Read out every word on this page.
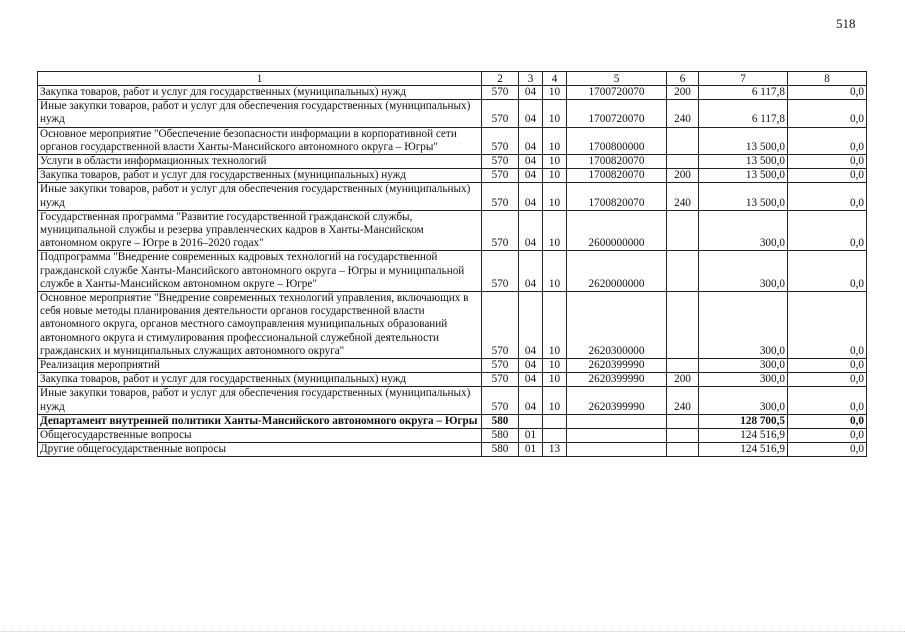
518
1	2	3	4	5	6	7	8
Закупка товаров, работ и услуг для государственных (муниципальных) нужд	570	04	10	1700720070	200	6 117,8	0,0
Иные закупки товаров, работ и услуг для обеспечения государственных (муниципальных) нужд	570	04	10	1700720070	240	6 117,8	0,0
Основное мероприятие "Обеспечение безопасности информации в корпоративной сети органов государственной власти Ханты-Мансийского автономного округа – Югры"	570	04	10	1700800000		13 500,0	0,0
Услуги в области информационных технологий	570	04	10	1700820070		13 500,0	0,0
Закупка товаров, работ и услуг для государственных (муниципальных) нужд	570	04	10	1700820070	200	13 500,0	0,0
Иные закупки товаров, работ и услуг для обеспечения государственных (муниципальных) нужд	570	04	10	1700820070	240	13 500,0	0,0
Государственная программа "Развитие государственной гражданской службы, муниципальной службы и резерва управленческих кадров в Ханты-Мансийском автономном округе – Югре в 2016–2020 годах"	570	04	10	2600000000		300,0	0,0
Подпрограмма "Внедрение современных кадровых технологий на государственной гражданской службе Ханты-Мансийского автономного округа – Югры и муниципальной службе в Ханты-Мансийском автономном округе – Югре"	570	04	10	2620000000		300,0	0,0
Основное мероприятие "Внедрение современных технологий управления, включающих в себя новые методы планирования деятельности органов государственной власти автономного округа, органов местного самоуправления муниципальных образований автономного округа и стимулирования профессиональной служебной деятельности гражданских и муниципальных служащих автономного округа"	570	04	10	2620300000		300,0	0,0
Реализация мероприятий	570	04	10	2620399990		300,0	0,0
Закупка товаров, работ и услуг для государственных (муниципальных) нужд	570	04	10	2620399990	200	300,0	0,0
Иные закупки товаров, работ и услуг для обеспечения государственных (муниципальных) нужд	570	04	10	2620399990	240	300,0	0,0
Департамент внутренней политики Ханты-Мансийского автономного округа – Югры	580					128 700,5	0,0
Общегосударственные вопросы	580	01				124 516,9	0,0
Другие общегосударственные вопросы	580	01	13			124 516,9	0,0
